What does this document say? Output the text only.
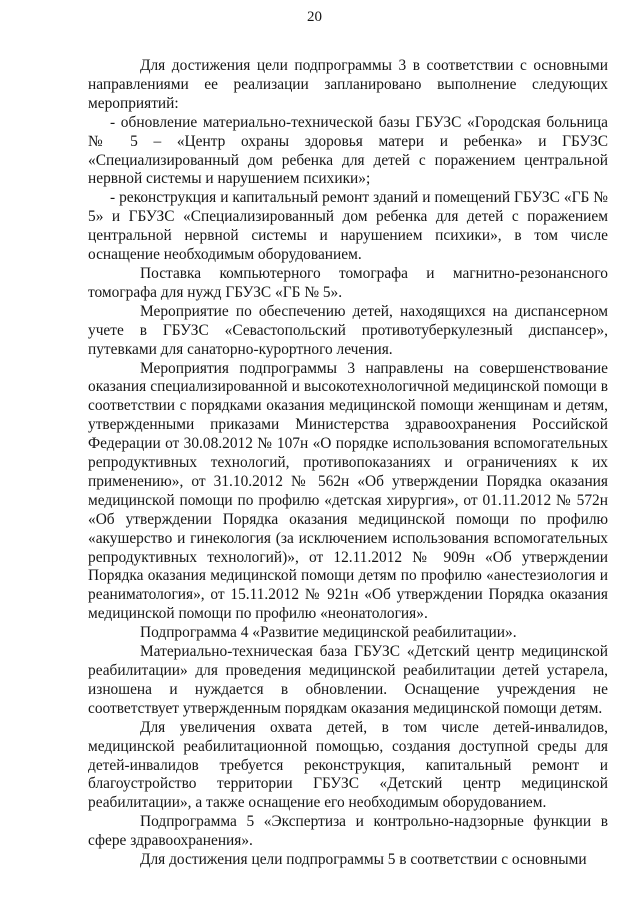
20

Для достижения цели подпрограммы 3 в соответствии с основными направлениями ее реализации запланировано выполнение следующих мероприятий:

- обновление материально-технической базы ГБУЗС «Городская больница № 5 – «Центр охраны здоровья матери и ребенка» и ГБУЗС «Специализированный дом ребенка для детей с поражением центральной нервной системы и нарушением психики»;

- реконструкция и капитальный ремонт зданий и помещений ГБУЗС «ГБ № 5» и ГБУЗС «Специализированный дом ребенка для детей с поражением центральной нервной системы и нарушением психики», в том числе оснащение необходимым оборудованием.

Поставка компьютерного томографа и магнитно-резонансного томографа для нужд ГБУЗС «ГБ № 5».

Мероприятие по обеспечению детей, находящихся на диспансерном учете в ГБУЗС «Севастопольский противотуберкулезный диспансер», путевками для санаторно-курортного лечения.

Мероприятия подпрограммы 3 направлены на совершенствование оказания специализированной и высокотехнологичной медицинской помощи в соответствии с порядками оказания медицинской помощи женщинам и детям, утвержденными приказами Министерства здравоохранения Российской Федерации от 30.08.2012 № 107н «О порядке использования вспомогательных репродуктивных технологий, противопоказаниях и ограничениях к их применению», от 31.10.2012 № 562н «Об утверждении Порядка оказания медицинской помощи по профилю «детская хирургия», от 01.11.2012 № 572н «Об утверждении Порядка оказания медицинской помощи по профилю «акушерство и гинекология (за исключением использования вспомогательных репродуктивных технологий)», от 12.11.2012 № 909н «Об утверждении Порядка оказания медицинской помощи детям по профилю «анестезиология и реаниматология», от 15.11.2012 № 921н «Об утверждении Порядка оказания медицинской помощи по профилю «неонатология».

Подпрограмма 4 «Развитие медицинской реабилитации».

Материально-техническая база ГБУЗС «Детский центр медицинской реабилитации» для проведения медицинской реабилитации детей устарела, изношена и нуждается в обновлении. Оснащение учреждения не соответствует утвержденным порядкам оказания медицинской помощи детям.

Для увеличения охвата детей, в том числе детей-инвалидов, медицинской реабилитационной помощью, создания доступной среды для детей-инвалидов требуется реконструкция, капитальный ремонт и благоустройство территории ГБУЗС «Детский центр медицинской реабилитации», а также оснащение его необходимым оборудованием.

Подпрограмма 5 «Экспертиза и контрольно-надзорные функции в сфере здравоохранения».

Для достижения цели подпрограммы 5 в соответствии с основными
